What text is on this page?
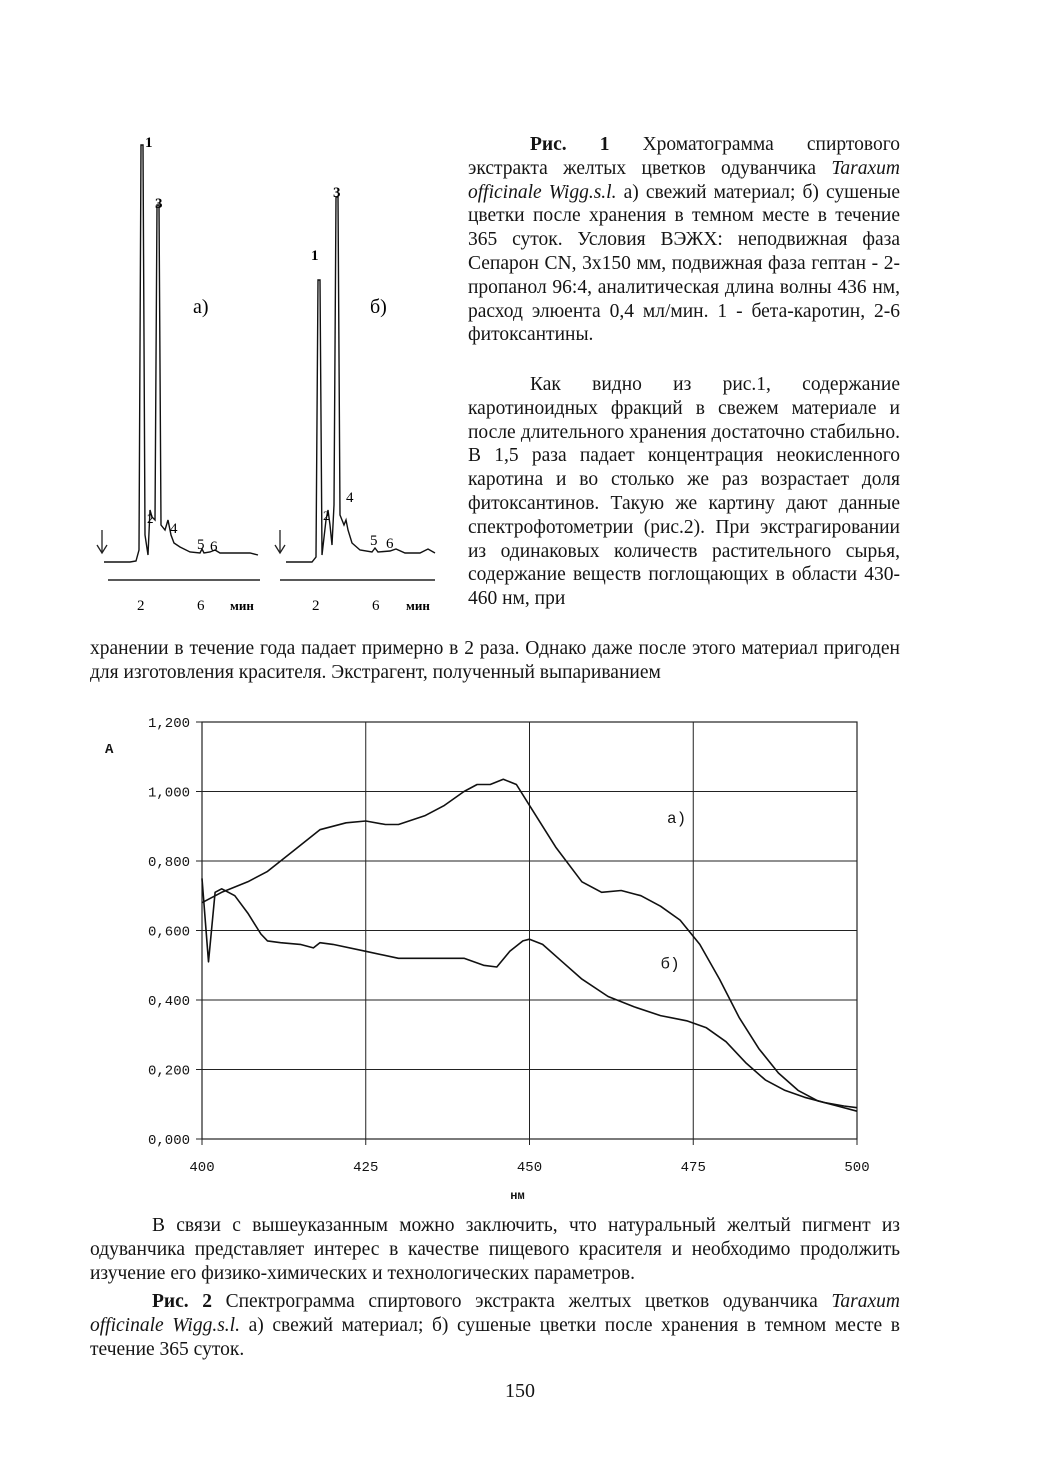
1
3
2
4
5 6
1
3
2
4
5 6
а)	б)
2	6 мин	2	6 мин
Рис. 1 Хроматограмма спиртового экстракта желтых цветков одуванчика Taraxum officinale Wigg.s.l. а) свежий материал; б) сушеные цветки после хранения в темном месте в течение 365 суток. Условия ВЭЖХ: неподвижная фаза Сепарон CN, 3х150 мм, подвижная фаза гептан - 2-пропанол 96:4, аналитическая длина волны 436 нм, расход элюента 0,4 мл/мин. 1 - бета-каротин, 2-6 фитоксантины.
Как видно из рис.1, содержание каротиноидных фракций в свежем материале и после длительного хранения достаточно стабильно. В 1,5 раза падает концентрация неокисленного каротина и во столько же раз возрастает доля фитоксантинов. Такую же картину дают данные спектрофотометрии (рис.2). При экстрагировании из одинаковых количеств растительного сырья, содержание веществ поглощающих в области 430-460 нм, при
хранении в течение года падает примерно в 2 раза. Однако даже после этого материал пригоден для изготовления красителя. Экстрагент, полученный выпариванием
0,000
0,200
0,400
0,600
0,800
1,000
1,200
400	425	450	475	500
нм
A
а)
б)
В связи с вышеуказанным можно заключить, что натуральный желтый пигмент из одуванчика представляет интерес в качестве пищевого красителя и необходимо продолжить изучение его физико-химических и технологических параметров.
Рис. 2 Спектрограмма спиртового экстракта желтых цветков одуванчика Taraxum officinale Wigg.s.l. а) свежий материал; б) сушеные цветки после хранения в темном месте в течение 365 суток.
150
